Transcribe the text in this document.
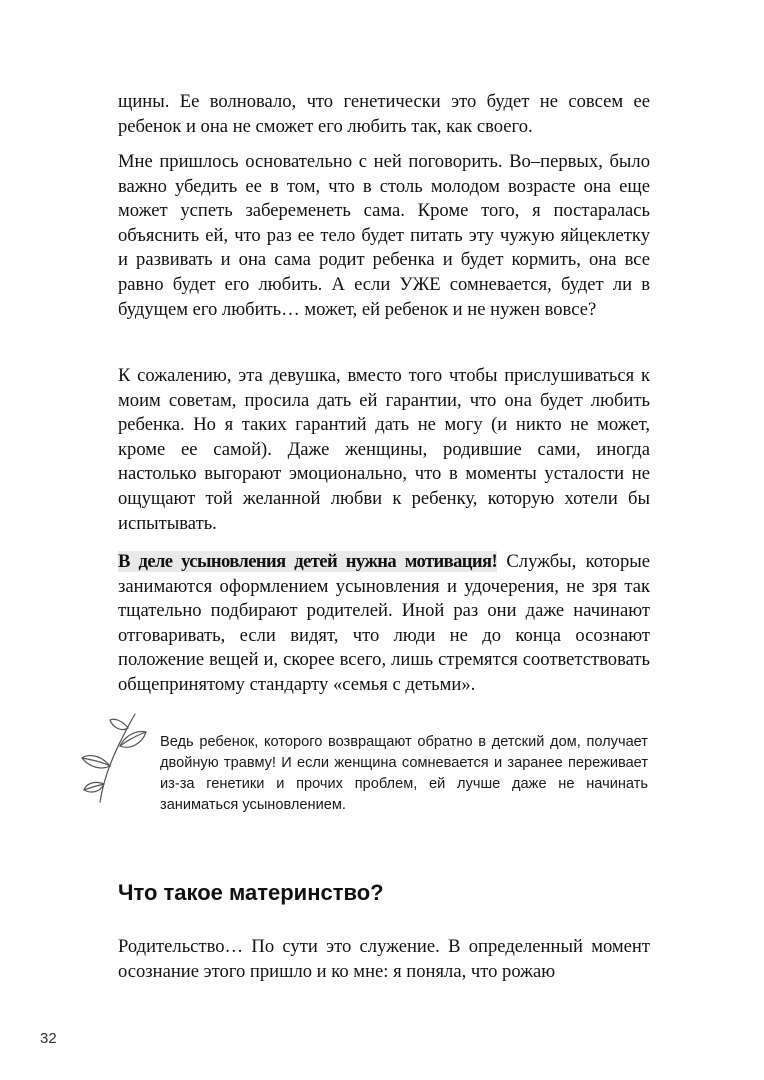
щины. Ее волновало, что генетически это будет не совсем ее ребенок и она не сможет его любить так, как своего.

Мне пришлось основательно с ней поговорить. Во–первых, было важно убедить ее в том, что в столь молодом возрасте она еще может успеть забеременеть сама. Кроме того, я постаралась объяснить ей, что раз ее тело будет питать эту чужую яйцеклетку и развивать и она сама родит ребенка и будет кормить, она все равно будет его любить. А если УЖЕ сомневается, будет ли в будущем его любить… может, ей ребенок и не нужен вовсе?

К сожалению, эта девушка, вместо того чтобы прислушиваться к моим советам, просила дать ей гарантии, что она будет любить ребенка. Но я таких гарантий дать не могу (и никто не может, кроме ее самой). Даже женщины, родившие сами, иногда настолько выгорают эмоционально, что в моменты усталости не ощущают той желанной любви к ребенку, которую хотели бы испытывать.

В деле усыновления детей нужна мотивация! Службы, которые занимаются оформлением усыновления и удочерения, не зря так тщательно подбирают родителей. Иной раз они даже начинают отговаривать, если видят, что люди не до конца осознают положение вещей и, скорее всего, лишь стремятся соответствовать общепринятому стандарту «семья с детьми».

Ведь ребенок, которого возвращают обратно в детский дом, получает двойную травму! И если женщина сомневается и заранее переживает из-за генетики и прочих проблем, ей лучше даже не начинать заниматься усыновлением.

Что такое материнство?

Родительство… По сути это служение. В определенный момент осознание этого пришло и ко мне: я поняла, что рожаю

32
